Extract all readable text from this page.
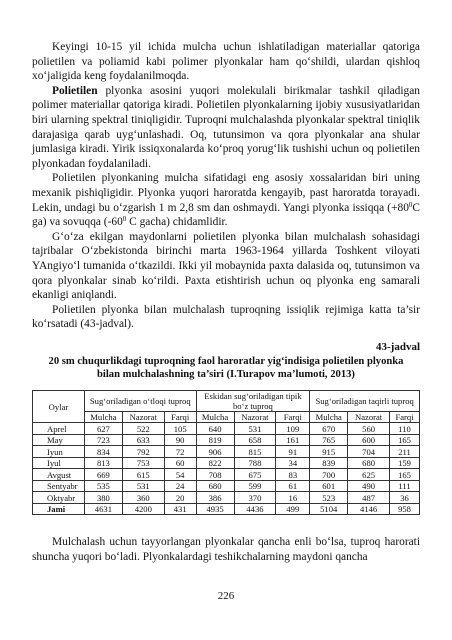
Keyingi 10-15 yil ichida mulcha uchun ishlatiladigan materiallar qatoriga polietilen va poliamid kabi polimer plyonkalar ham qo‘shildi, ulardan qishloq xo‘jaligida keng foydalanilmoqda.

Polietilen plyonka asosini yuqori molekulali birikmalar tashkil qiladigan polimer materiallar qatoriga kiradi. Polietilen plyonkalarning ijobiy xususiyatlaridan biri ularning spektral tiniqligidir. Tuproqni mulchalashda plyonkalar spektral tiniqlik darajasiga qarab uyg‘unlashadi. Oq, tutunsimon va qora plyonkalar ana shular jumlasiga kiradi. Yirik issiqxonalarda ko‘proq yorug‘lik tushishi uchun oq polietilen plyonkadan foydalaniladi.

Polietilen plyonkaning mulcha sifatidagi eng asosiy xossalaridan biri uning mexanik pishiqligidir. Plyonka yuqori haroratda kengayib, past haroratda torayadi. Lekin, undagi bu o‘zgarish 1 m 2,8 sm dan oshmaydi. Yangi plyonka issiqqa ($+80^0C$ ga) va sovuqqa ($-60^0$ C gacha) chidamlidir.

G‘o‘za ekilgan maydonlarni polietilen plyonka bilan mulchalash sohasidagi tajribalar O‘zbekistonda birinchi marta 1963-1964 yillarda Toshkent viloyati YAngiyo‘l tumanida o‘tkazildi. Ikki yil mobaynida paxta dalasida oq, tutunsimon va qora plyonkalar sinab ko‘rildi. Paxta etishtirish uchun oq plyonka eng samarali ekanligi aniqlandi.

Polietilen plyonka bilan mulchalash tuproqning issiqlik rejimiga katta ta’sir ko‘rsatadi (43-jadval).

43-jadval
20 sm chuqurlikdagi tuproqning faol haroratlar yig‘indisiga polietilen plyonka
bilan mulchalashning ta’siri (I.Turapov ma’lumoti, 2013)
Oylar	Sug‘oriladigan o‘tloqi tuproq			Eskidan sug‘oriladigan tipik bo‘z tuproq			Sug‘oriladigan taqirli tuproq		
	Mulcha	Nazorat	Farqi	Mulcha	Nazorat	Farqi	Mulcha	Nazorat	Farqi
Aprel	627	522	105	640	531	109	670	560	110
May	723	633	90	819	658	161	765	600	165
Iyun	834	792	72	906	815	91	915	704	211
Iyul	813	753	60	822	788	34	839	680	159
Avgust	669	615	54	708	675	83	700	625	165
Sentyabr	535	531	24	680	599	61	601	490	111
Oktyabr	380	360	20	386	370	16	523	487	36
Jami	4631	4200	431	4935	4436	499	5104	4146	958

Mulchalash uchun tayyorlangan plyonkalar qancha enli bo‘lsa, tuproq harorati shuncha yuqori bo‘ladi. Plyonkalardagi teshikchalarning maydoni qancha

226
